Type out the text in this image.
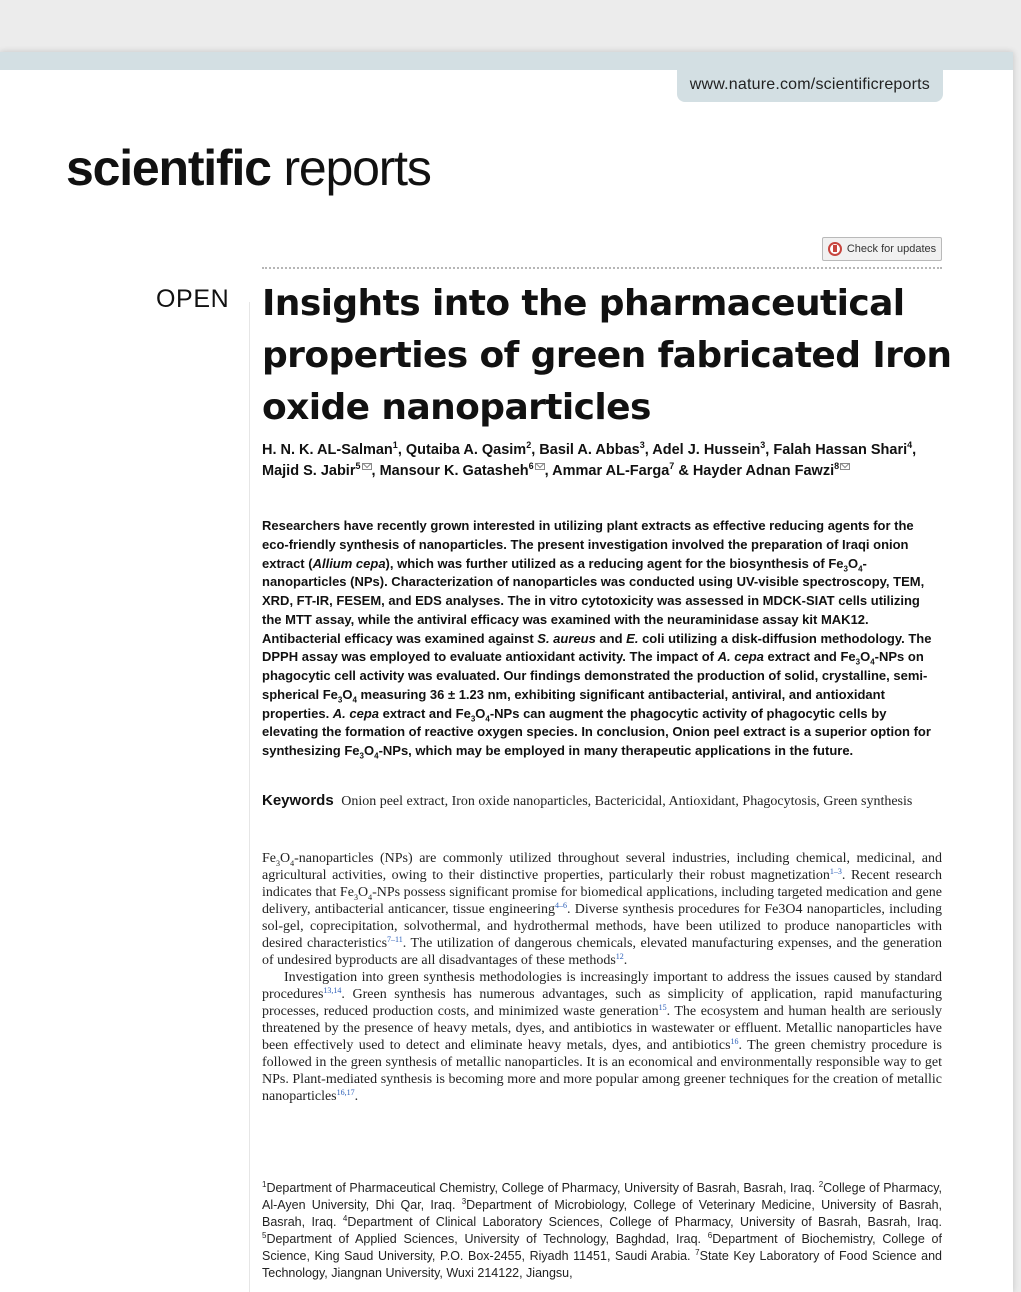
www.nature.com/scientificreports
scientific reports
Check for updates
OPEN Insights into the pharmaceutical properties of green fabricated Iron oxide nanoparticles

H. N. K. AL-Salman$^1$, Qutaiba A. Qasim$^2$, Basil A. Abbas$^3$, Adel J. Hussein$^3$, Falah Hassan Shari$^4$, Majid S. Jabir$^5$ , Mansour K. Gatasheh$^6$ , Ammar AL-Farga$^7$ & Hayder Adnan Fawzi$^8$

Researchers have recently grown interested in utilizing plant extracts as effective reducing agents for the eco-friendly synthesis of nanoparticles. The present investigation involved the preparation of Iraqi onion extract (Allium cepa), which was further utilized as a reducing agent for the biosynthesis of $Fe_3O_4$-nanoparticles (NPs). Characterization of nanoparticles was conducted using UV-visible spectroscopy, TEM, XRD, FT-IR, FESEM, and EDS analyses. The in vitro cytotoxicity was assessed in MDCK-SIAT cells utilizing the MTT assay, while the antiviral efficacy was examined with the neuraminidase assay kit MAK12. Antibacterial efficacy was examined against S. aureus and E. coli utilizing a disk-diffusion methodology. The DPPH assay was employed to evaluate antioxidant activity. The impact of A. cepa extract and $Fe_3O_4$-NPs on phagocytic cell activity was evaluated. Our findings demonstrated the production of solid, crystalline, semi-spherical $Fe_3O_4$ measuring 36 ± 1.23 nm, exhibiting significant antibacterial, antiviral, and antioxidant properties. A. cepa extract and $Fe_3O_4$-NPs can augment the phagocytic activity of phagocytic cells by elevating the formation of reactive oxygen species. In conclusion, Onion peel extract is a superior option for synthesizing $Fe_3O_4$-NPs, which may be employed in many therapeutic applications in the future.

Keywords Onion peel extract, Iron oxide nanoparticles, Bactericidal, Antioxidant, Phagocytosis, Green synthesis

$Fe_3O_4$-nanoparticles (NPs) are commonly utilized throughout several industries, including chemical, medicinal, and agricultural activities, owing to their distinctive properties, particularly their robust magnetization$^{1-3}$. Recent research indicates that $Fe_3O_4$-NPs possess significant promise for biomedical applications, including targeted medication and gene delivery, antibacterial anticancer, tissue engineering$^{4-6}$. Diverse synthesis procedures for Fe3O4 nanoparticles, including sol-gel, coprecipitation, solvothermal, and hydrothermal methods, have been utilized to produce nanoparticles with desired characteristics$^{7-11}$. The utilization of dangerous chemicals, elevated manufacturing expenses, and the generation of undesired byproducts are all disadvantages of these methods$^{12}$.

Investigation into green synthesis methodologies is increasingly important to address the issues caused by standard procedures$^{13,14}$. Green synthesis has numerous advantages, such as simplicity of application, rapid manufacturing processes, reduced production costs, and minimized waste generation$^{15}$. The ecosystem and human health are seriously threatened by the presence of heavy metals, dyes, and antibiotics in wastewater or effluent. Metallic nanoparticles have been effectively used to detect and eliminate heavy metals, dyes, and antibiotics$^{16}$. The green chemistry procedure is followed in the green synthesis of metallic nanoparticles. It is an economical and environmentally responsible way to get NPs. Plant-mediated synthesis is becoming more and more popular among greener techniques for the creation of metallic nanoparticles$^{16,17}$.

$^1$Department of Pharmaceutical Chemistry, College of Pharmacy, University of Basrah, Basrah, Iraq. $^2$College of Pharmacy, Al-Ayen University, Dhi Qar, Iraq. $^3$Department of Microbiology, College of Veterinary Medicine, University of Basrah, Basrah, Iraq. $^4$Department of Clinical Laboratory Sciences, College of Pharmacy, University of Basrah, Basrah, Iraq. $^5$Department of Applied Sciences, University of Technology, Baghdad, Iraq. $^6$Department of Biochemistry, College of Science, King Saud University, P.O. Box-2455, Riyadh 11451, Saudi Arabia. $^7$State Key Laboratory of Food Science and Technology, Jiangnan University, Wuxi 214122, Jiangsu,
